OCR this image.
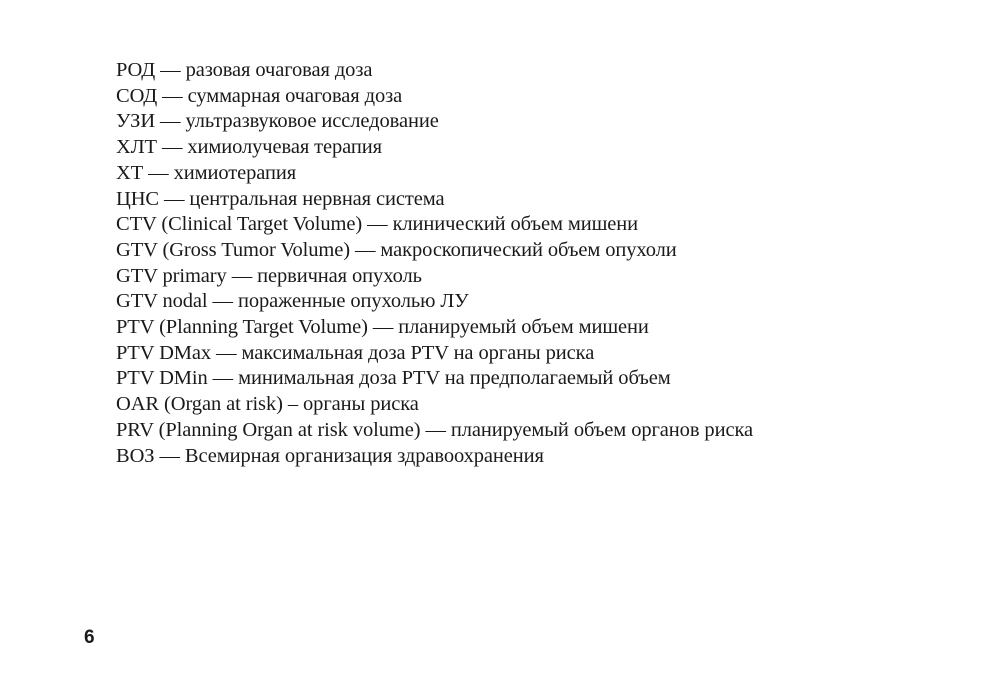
РОД — разовая очаговая доза
СОД — суммарная очаговая доза
УЗИ — ультразвуковое исследование
ХЛТ — химиолучевая терапия
ХТ — химиотерапия
ЦНС — центральная нервная система
CTV (Clinical Target Volume) — клинический объем мишени
GTV (Gross Tumor Volume) — макроскопический объем опухоли
GTV primary — первичная опухоль
GTV nodal — пораженные опухолью ЛУ
PTV (Planning Target Volume) — планируемый объем мишени
PTV DMax — максимальная доза PTV на органы риска
PTV DMin — минимальная доза PTV на предполагаемый объем
OAR (Organ at risk) – органы риска
PRV (Planning Organ at risk volume) — планируемый объем органов риска
ВОЗ — Всемирная организация здравоохранения
6
